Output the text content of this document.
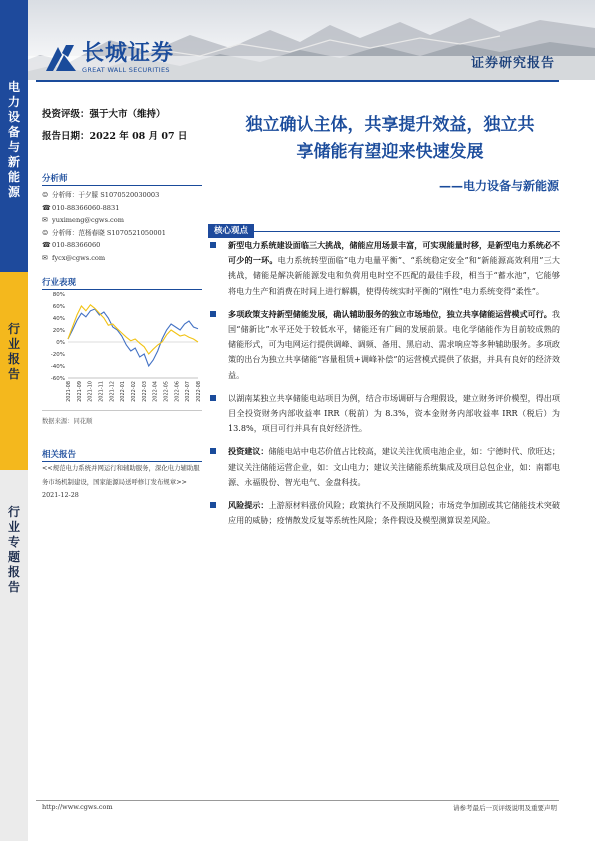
长城证券
GREAT WALL SECURITIES	证券研究报告
电
力
设
备
与
新
能
源
行
业
报
告
行
业
专
题
报
告
投资评级：强于大市（维持）
报告日期：2022 年 08 月 07 日
分析师
☺ 分析师：于夕朦 S1070520030003
☎ 010-88366060-8831
✉ yuximeng@cgws.com
☺ 分析师：范杨春晓 S1070521050001
☎ 010-88366060
✉ fycx@cgws.com
行业表现
80%
60%
40%
20%
0%
-20%
-40%
-60%
2021-08 2021-09 2021-10 2021-11 2021-12 2022-01 2022-02 2022-03 2022-04 2022-05 2022-06 2022-07 2022-08
数据来源：同花顺
相关报告
<<规范电力系统并网运行和辅助服务，深化电力辅助服务市场机制建设，国家能源局送呼修订发布规章>> 2021-12-28
独立确认主体，共享提升效益，独立共
享储能有望迎来快速发展
——电力设备与新能源
核心观点
新型电力系统建设面临三大挑战，储能应用场景丰富，可实现能量时移，是新型电力系统必不可少的一环。电力系统转型面临“电力电量平衡”、“系统稳定安全”和“新能源高效利用”三大挑战，储能是解决新能源发电和负荷用电时空不匹配的最佳手段，相当于“蓄水池”，它能够将电力生产和消费在时间上进行解耦，使得传统实时平衡的“刚性”电力系统变得“柔性”。
多项政策支持新型储能发展，确认辅助服务的独立市场地位，独立共享储能运营模式可行。我国“储新比”水平还处于较低水平，储能还有广阔的发展前景。电化学储能作为目前较成熟的储能形式，可为电网运行提供调峰、调频、备用、黑启动、需求响应等多种辅助服务。多项政策的出台为独立共享储能“容量租赁+调峰补偿”的运营模式提供了依据，并具有良好的经济效益。
以湖南某独立共享储能电站项目为例，结合市场调研与合理假设，建立财务评价模型，得出项目全投资财务内部收益率 IRR（税前）为 8.3%，资本金财务内部收益率 IRR（税后）为 13.8%，项目可行并具有良好经济性。
投资建议：储能电站中电芯价值占比较高，建议关注优质电池企业，如：宁德时代、欣旺达；建议关注储能运营企业，如：文山电力；建议关注储能系统集成及项目总包企业，如：南都电源、永福股份、智光电气、金盘科技。
风险提示：上游原材料涨价风险；政策执行不及预期风险；市场竞争加剧或其它储能技术突破应用的威胁；疫情散发反复等系统性风险；条件假设及模型测算误差风险。
http://www.cgws.com	请参考最后一页评级说明及重要声明
